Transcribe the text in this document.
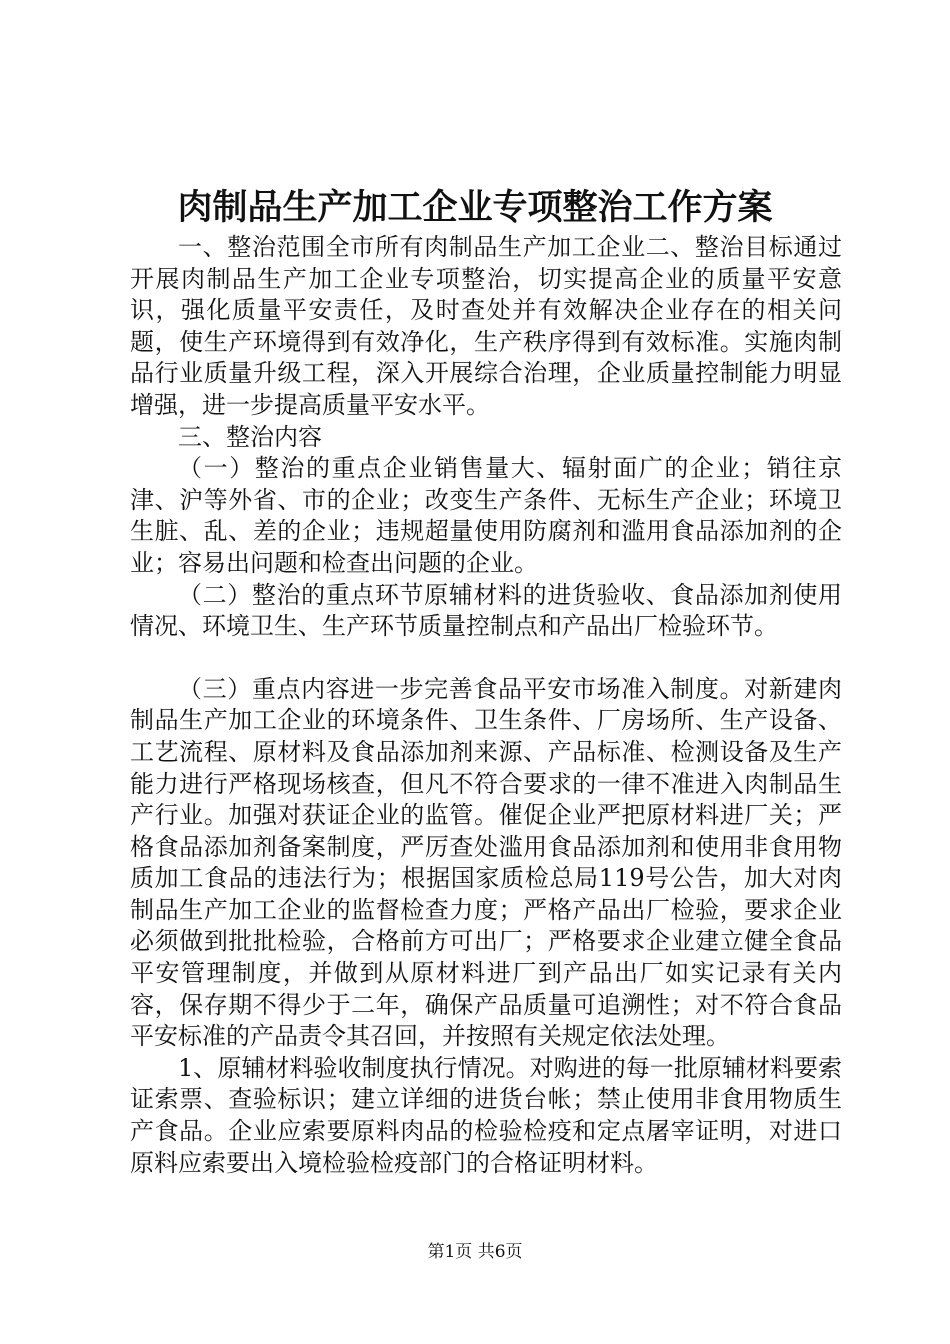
肉制品生产加工企业专项整治工作方案

一、整治范围全市所有肉制品生产加工企业二、整治目标通过开展肉制品生产加工企业专项整治，切实提高企业的质量平安意识，强化质量平安责任，及时查处并有效解决企业存在的相关问题，使生产环境得到有效净化，生产秩序得到有效标准。实施肉制品行业质量升级工程，深入开展综合治理，企业质量控制能力明显增强，进一步提高质量平安水平。

三、整治内容

（一）整治的重点企业销售量大、辐射面广的企业；销往京津、沪等外省、市的企业；改变生产条件、无标生产企业；环境卫生脏、乱、差的企业；违规超量使用防腐剂和滥用食品添加剂的企业；容易出问题和检查出问题的企业。

（二）整治的重点环节原辅材料的进货验收、食品添加剂使用情况、环境卫生、生产环节质量控制点和产品出厂检验环节。

（三）重点内容进一步完善食品平安市场准入制度。对新建肉制品生产加工企业的环境条件、卫生条件、厂房场所、生产设备、工艺流程、原材料及食品添加剂来源、产品标准、检测设备及生产能力进行严格现场核查，但凡不符合要求的一律不准进入肉制品生产行业。加强对获证企业的监管。催促企业严把原材料进厂关；严格食品添加剂备案制度，严厉查处滥用食品添加剂和使用非食用物质加工食品的违法行为；根据国家质检总局119号公告，加大对肉制品生产加工企业的监督检查力度；严格产品出厂检验，要求企业必须做到批批检验，合格前方可出厂；严格要求企业建立健全食品平安管理制度，并做到从原材料进厂到产品出厂如实记录有关内容，保存期不得少于二年，确保产品质量可追溯性；对不符合食品平安标准的产品责令其召回，并按照有关规定依法处理。

1、原辅材料验收制度执行情况。对购进的每一批原辅材料要索证索票、查验标识；建立详细的进货台帐；禁止使用非食用物质生产食品。企业应索要原料肉品的检验检疫和定点屠宰证明，对进口原料应索要出入境检验检疫部门的合格证明材料。

第1页 共6页
